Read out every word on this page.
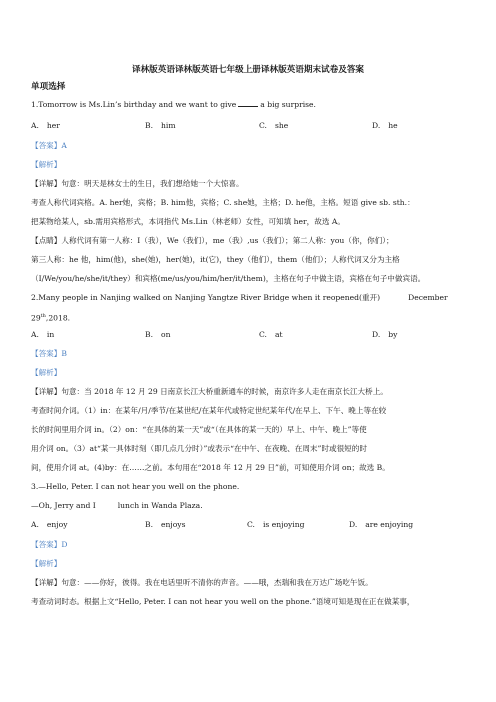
译林版英语译林版英语七年级上册译林版英语期末试卷及答案
单项选择
1.Tomorrow is Ms.Lin’s birthday and we want to give	a big surprise.
A. her	B. him	C. she	D. he
【答案】A
【解析】
【详解】句意：明天是林女士的生日，我们想给她一个大惊喜。
考查人称代词宾格。A. her她，宾格；B. him他，宾格；C. she她，主格；D. he他，主格。短语 give sb. sth.：
把某物给某人，sb.需用宾格形式，本词指代 Ms.Lin（林老师）女性，可知填 her，故选 A。
【点睛】人称代词有第一人称：I（我），We（我们），me（我）,us（我们）；第二人称：you（你，你们）；
第三人称：he 他，him(他)，she(她)，her(她)，it(它)，they（他们），them（他们）；人称代词又分为主格
（I/We/you/he/she/it/they）和宾格(me/us/you/him/her/it/them)，主格在句子中做主语，宾格在句子中做宾语。
2.Many people in Nanjing walked on Nanjing Yangtze River Bridge when it reopened(重开)	December
29th,2018.
A. in	B. on	C. at	D. by
【答案】B
【解析】
【详解】句意：当 2018 年 12 月 29 日南京长江大桥重新通车的时候，南京许多人走在南京长江大桥上。
考查时间介词。（1）in：在某年/月/季节/在某世纪/在某年代或特定世纪某年代/在早上、下午、晚上等在较
长的时间里用介词 in。（2）on：“在具体的某一天”或“（在具体的某一天的）早上、中午、晚上”等使
用介词 on。（3）at“某一具体时刻（即几点几分时）”或表示“在中午、在夜晚、在周末”时或很短的时
间，使用介词 at。(4)by：在……之前。本句用在“2018 年 12 月 29 日”前，可知使用介词 on；故选 B。
3.—Hello, Peter. I can not hear you well on the phone.
—Oh, Jerry and I	lunch in Wanda Plaza.
A. enjoy	B. enjoys	C. is enjoying	D. are enjoying
【答案】D
【解析】
【详解】句意：——你好，彼得。我在电话里听不清你的声音。——哦，杰瑞和我在万达广场吃午饭。
考查动词时态。根据上文“Hello, Peter. I can not hear you well on the phone.”语境可知是现在正在做某事，
